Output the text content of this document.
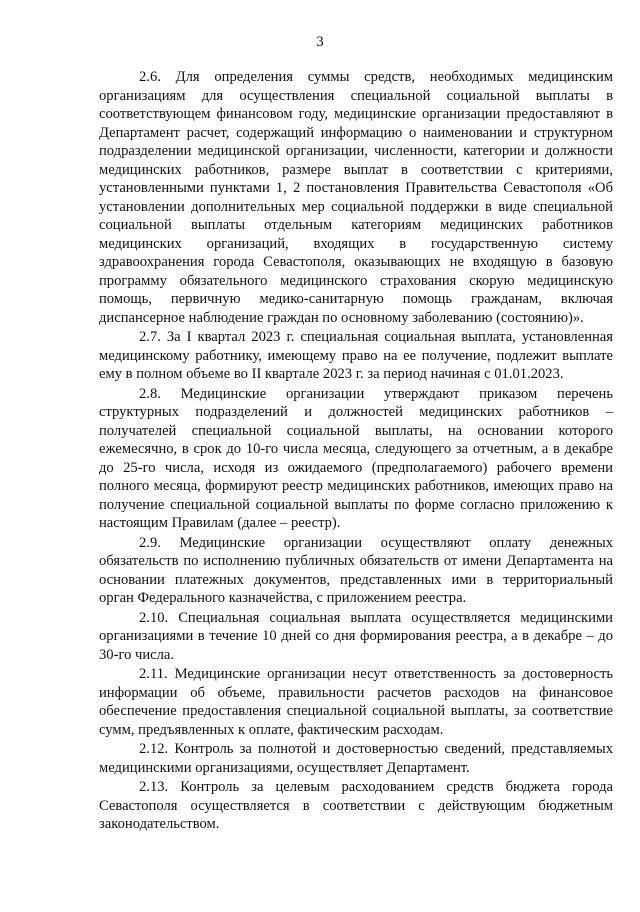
3

2.6. Для определения суммы средств, необходимых медицинским организациям для осуществления специальной социальной выплаты в соответствующем финансовом году, медицинские организации предоставляют в Департамент расчет, содержащий информацию о наименовании и структурном подразделении медицинской организации, численности, категории и должности медицинских работников, размере выплат в соответствии с критериями, установленными пунктами 1, 2 постановления Правительства Севастополя «Об установлении дополнительных мер социальной поддержки в виде специальной социальной выплаты отдельным категориям медицинских работников медицинских организаций, входящих в государственную систему здравоохранения города Севастополя, оказывающих не входящую в базовую программу обязательного медицинского страхования скорую медицинскую помощь, первичную медико-санитарную помощь гражданам, включая диспансерное наблюдение граждан по основному заболеванию (состоянию)».

2.7. За I квартал 2023 г. специальная социальная выплата, установленная медицинскому работнику, имеющему право на ее получение, подлежит выплате ему в полном объеме во II квартале 2023 г. за период начиная с 01.01.2023.

2.8. Медицинские организации утверждают приказом перечень структурных подразделений и должностей медицинских работников – получателей специальной социальной выплаты, на основании которого ежемесячно, в срок до 10-го числа месяца, следующего за отчетным, а в декабре до 25-го числа, исходя из ожидаемого (предполагаемого) рабочего времени полного месяца, формируют реестр медицинских работников, имеющих право на получение специальной социальной выплаты по форме согласно приложению к настоящим Правилам (далее – реестр).

2.9. Медицинские организации осуществляют оплату денежных обязательств по исполнению публичных обязательств от имени Департамента на основании платежных документов, представленных ими в территориальный орган Федерального казначейства, с приложением реестра.

2.10. Специальная социальная выплата осуществляется медицинскими организациями в течение 10 дней со дня формирования реестра, а в декабре – до 30-го числа.

2.11. Медицинские организации несут ответственность за достоверность информации об объеме, правильности расчетов расходов на финансовое обеспечение предоставления специальной социальной выплаты, за соответствие сумм, предъявленных к оплате, фактическим расходам.

2.12. Контроль за полнотой и достоверностью сведений, представляемых медицинскими организациями, осуществляет Департамент.

2.13. Контроль за целевым расходованием средств бюджета города Севастополя осуществляется в соответствии с действующим бюджетным законодательством.
